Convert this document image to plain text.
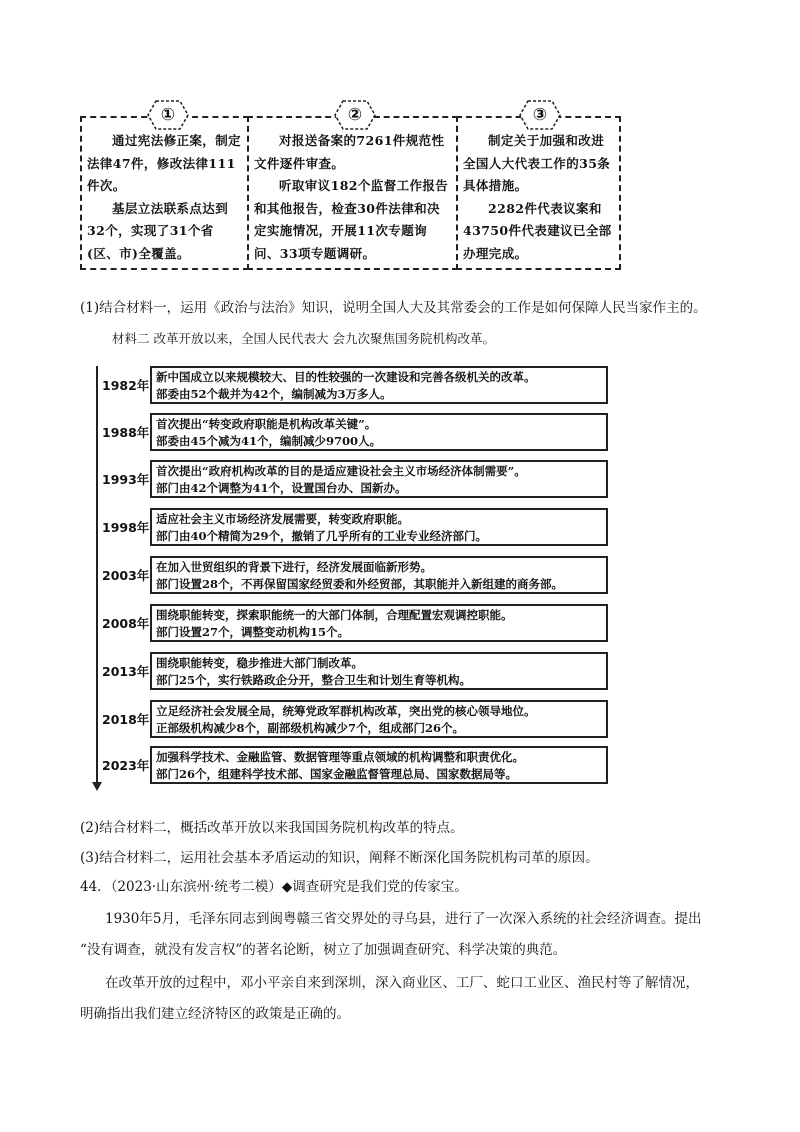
①

通过宪法修正案，制定法律47件，修改法律111件次。

基层立法联系点达到32个，实现了31个省(区、市)全覆盖。

②

对报送备案的7261件规范性文件逐件审查。

听取审议182个监督工作报告和其他报告，检查30件法律和决定实施情况，开展11次专题询问、33项专题调研。

③

制定关于加强和改进全国人大代表工作的35条具体措施。

2282件代表议案和43750件代表建议已全部办理完成。

(1)结合材料一，运用《政治与法治》知识，说明全国人大及其常委会的工作是如何保障人民当家作主的。
材料二 改革开放以来，全国人民代表大 会九次聚焦国务院机构改革。
1982年
新中国成立以来规模较大、目的性较强的一次建设和完善各级机关的改革。
部委由52个裁并为42个，编制减为3万多人。
1988年
首次提出“转变政府职能是机构改革关键”。
部委由45个减为41个，编制减少9700人。
1993年
首次提出“政府机构改革的目的是适应建设社会主义市场经济体制需要”。
部门由42个调整为41个，设置国台办、国新办。
1998年
适应社会主义市场经济发展需要，转变政府职能。
部门由40个精简为29个，撤销了几乎所有的工业专业经济部门。
2003年
在加入世贸组织的背景下进行，经济发展面临新形势。
部门设置28个，不再保留国家经贸委和外经贸部，其职能并入新组建的商务部。
2008年
围绕职能转变，探索职能统一的大部门体制，合理配置宏观调控职能。
部门设置27个，调整变动机构15个。
2013年
围绕职能转变，稳步推进大部门制改革。
部门25个，实行铁路政企分开，整合卫生和计划生育等机构。
2018年
立足经济社会发展全局，统筹党政军群机构改革，突出党的核心领导地位。
正部级机构减少8个，副部级机构减少7个，组成部门26个。
2023年
加强科学技术、金融监管、数据管理等重点领域的机构调整和职责优化。
部门26个，组建科学技术部、国家金融监督管理总局、国家数据局等。
(2)结合材料二，概括改革开放以来我国国务院机构改革的特点。
(3)结合材料二，运用社会基本矛盾运动的知识，阐释不断深化国务院机构司革的原因。
44．（2023·山东滨州·统考二模）◆调查研究是我们党的传家宝。
1930年5月，毛泽东同志到闽粤赣三省交界处的寻乌县，进行了一次深入系统的社会经济调查。提出
“没有调查，就没有发言权”的著名论断，树立了加强调查研究、科学决策的典范。
在改革开放的过程中，邓小平亲自来到深圳，深入商业区、工厂、蛇口工业区、渔民村等了解情况，
明确指出我们建立经济特区的政策是正确的。
